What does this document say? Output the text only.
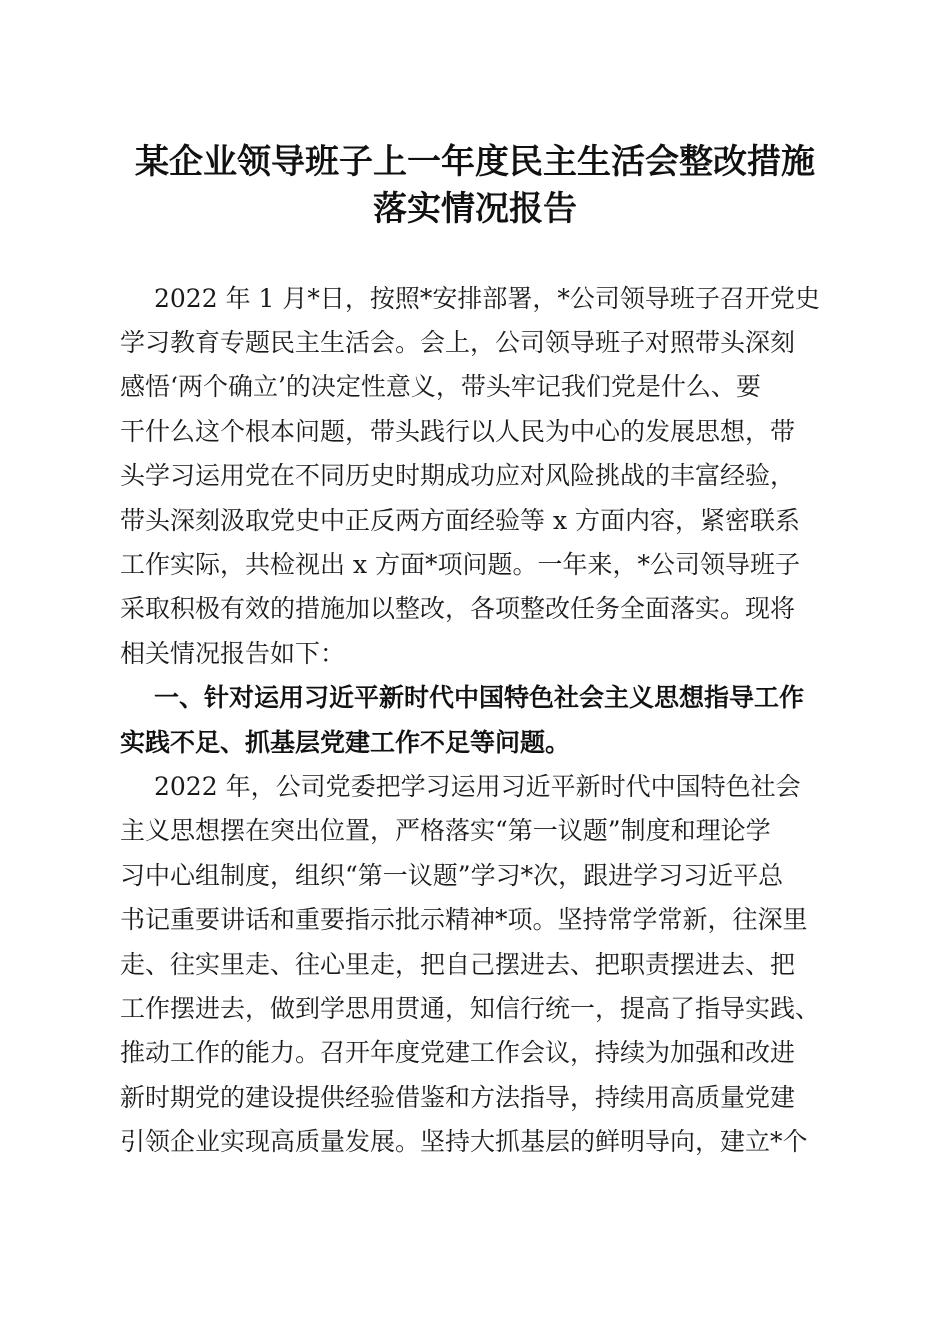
某企业领导班子上一年度民主生活会整改措施
落实情况报告

2022 年 1 月*日，按照*安排部署，*公司领导班子召开党史

学习教育专题民主生活会。会上，公司领导班子对照带头深刻

感悟‘两个确立’的决定性意义，带头牢记我们党是什么、要

干什么这个根本问题，带头践行以人民为中心的发展思想，带

头学习运用党在不同历史时期成功应对风险挑战的丰富经验，

带头深刻汲取党史中正反两方面经验等 x 方面内容，紧密联系

工作实际，共检视出 x 方面*项问题。一年来，*公司领导班子

采取积极有效的措施加以整改，各项整改任务全面落实。现将

相关情况报告如下：

一、针对运用习近平新时代中国特色社会主义思想指导工作

实践不足、抓基层党建工作不足等问题。

2022 年，公司党委把学习运用习近平新时代中国特色社会

主义思想摆在突出位置，严格落实“第一议题”制度和理论学

习中心组制度，组织“第一议题”学习*次，跟进学习习近平总

书记重要讲话和重要指示批示精神*项。坚持常学常新，往深里

走、往实里走、往心里走，把自己摆进去、把职责摆进去、把

工作摆进去，做到学思用贯通，知信行统一，提高了指导实践、

推动工作的能力。召开年度党建工作会议，持续为加强和改进

新时期党的建设提供经验借鉴和方法指导，持续用高质量党建

引领企业实现高质量发展。坚持大抓基层的鲜明导向，建立*个
